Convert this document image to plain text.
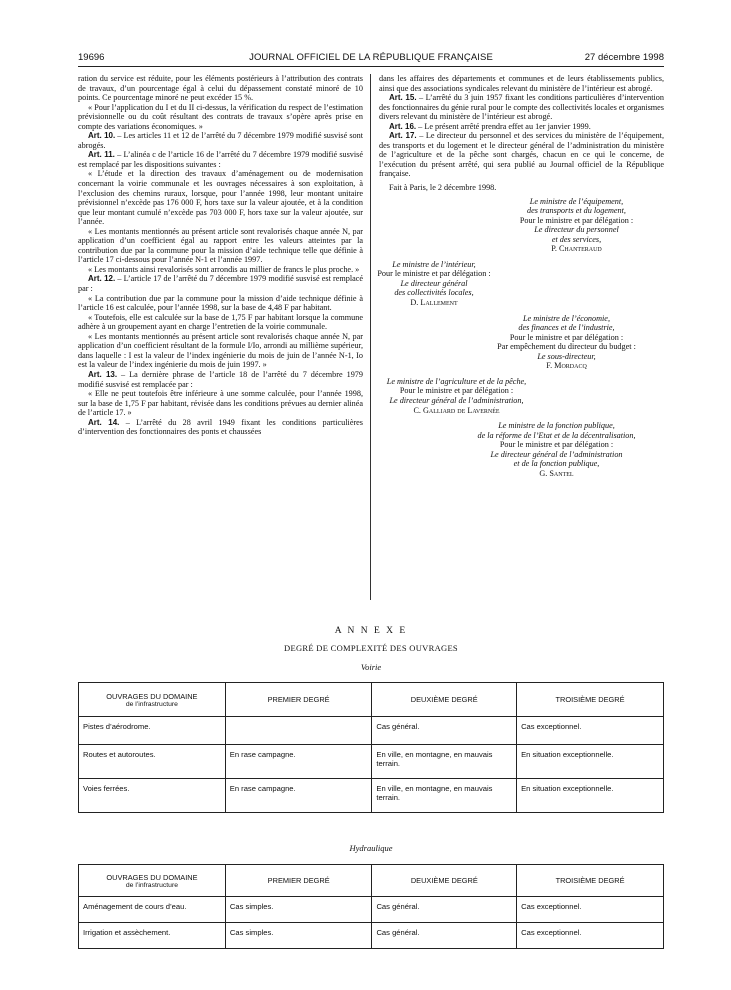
19696	JOURNAL OFFICIEL DE LA RÉPUBLIQUE FRANÇAISE	27 décembre 1998

ration du service est réduite, pour les éléments postérieurs à l’attribution des contrats de travaux, d’un pourcentage égal à celui du dépassement constaté minoré de 10 points. Ce pourcentage minoré ne peut excéder 15 %.

« Pour l’application du I et du II ci-dessus, la vérification du respect de l’estimation prévisionnelle ou du coût résultant des contrats de travaux s’opère après prise en compte des variations économiques. »

Art. 10. – Les articles 11 et 12 de l’arrêté du 7 décembre 1979 modifié susvisé sont abrogés.

Art. 11. – L’alinéa c de l’article 16 de l’arrêté du 7 décembre 1979 modifié susvisé est remplacé par les dispositions suivantes :

« L’étude et la direction des travaux d’aménagement ou de modernisation concernant la voirie communale et les ouvrages nécessaires à son exploitation, à l’exclusion des chemins ruraux, lorsque, pour l’année 1998, leur montant unitaire prévisionnel n’excède pas 176 000 F, hors taxe sur la valeur ajoutée, et à la condition que leur montant cumulé n’excède pas 703 000 F, hors taxe sur la valeur ajoutée, sur l’année.

« Les montants mentionnés au présent article sont revalorisés chaque année N, par application d’un coefficient égal au rapport entre les valeurs atteintes par la contribution due par la commune pour la mission d’aide technique telle que définie à l’article 17 ci-dessous pour l’année N-1 et l’année 1997.

« Les montants ainsi revalorisés sont arrondis au millier de francs le plus proche. »

Art. 12. – L’article 17 de l’arrêté du 7 décembre 1979 modifié susvisé est remplacé par :

« La contribution due par la commune pour la mission d’aide technique définie à l’article 16 est calculée, pour l’année 1998, sur la base de 4,48 F par habitant.

« Toutefois, elle est calculée sur la base de 1,75 F par habitant lorsque la commune adhère à un groupement ayant en charge l’entretien de la voirie communale.

« Les montants mentionnés au présent article sont revalorisés chaque année N, par application d’un coefficient résultant de la formule I/Io, arrondi au millième supérieur, dans laquelle : I est la valeur de l’index ingénierie du mois de juin de l’année N-1, Io est la valeur de l’index ingénierie du mois de juin 1997. »

Art. 13. – La dernière phrase de l’article 18 de l’arrêté du 7 décembre 1979 modifié susvisé est remplacée par :

« Elle ne peut toutefois être inférieure à une somme calculée, pour l’année 1998, sur la base de 1,75 F par habitant, révisée dans les conditions prévues au dernier alinéa de l’article 17. »

Art. 14. – L’arrêté du 28 avril 1949 fixant les conditions particulières d’intervention des fonctionnaires des ponts et chaussées

dans les affaires des départements et communes et de leurs établissements publics, ainsi que des associations syndicales relevant du ministère de l’intérieur est abrogé.

Art. 15. – L’arrêté du 3 juin 1957 fixant les conditions particulières d’intervention des fonctionnaires du génie rural pour le compte des collectivités locales et organismes divers relevant du ministère de l’intérieur est abrogé.

Art. 16. – Le présent arrêté prendra effet au 1er janvier 1999.

Art. 17. – Le directeur du personnel et des services du ministère de l’équipement, des transports et du logement et le directeur général de l’administration du ministère de l’agriculture et de la pêche sont chargés, chacun en ce qui le concerne, de l’exécution du présent arrêté, qui sera publié au Journal officiel de la République française.

Fait à Paris, le 2 décembre 1998.

Le ministre de l’équipement,
des transports et du logement,
Pour le ministre et par délégation :
Le directeur du personnel
et des services,
P. Chanteraud
Le ministre de l’intérieur,
Pour le ministre et par délégation :
Le directeur général
des collectivités locales,
D. Lallement
Le ministre de l’économie,
des finances et de l’industrie,
Pour le ministre et par délégation :
Par empêchement du directeur du budget :
Le sous-directeur,
F. Mordacq
Le ministre de l’agriculture et de la pêche,
Pour le ministre et par délégation :
Le directeur général de l’administration,
C. Galliard de Lavernée
Le ministre de la fonction publique,
de la réforme de l’Etat et de la décentralisation,
Pour le ministre et par délégation :
Le directeur général de l’administration
et de la fonction publique,
G. Santel
A N N E X E
DEGRÉ DE COMPLEXITÉ DES OUVRAGES
Voirie
OUVRAGES DU DOMAINE
de l’infrastructure	PREMIER DEGRÉ	DEUXIÈME DEGRÉ	TROISIÈME DEGRÉ
Pistes d’aérodrome.		Cas général.	Cas exceptionnel.
Routes et autoroutes.	En rase campagne.	En ville, en montagne, en mauvais terrain.	En situation exceptionnelle.
Voies ferrées.	En rase campagne.	En ville, en montagne, en mauvais terrain.	En situation exceptionnelle.
Hydraulique
OUVRAGES DU DOMAINE
de l’infrastructure	PREMIER DEGRÉ	DEUXIÈME DEGRÉ	TROISIÈME DEGRÉ
Aménagement de cours d’eau.	Cas simples.	Cas général.	Cas exceptionnel.
Irrigation et assèchement.	Cas simples.	Cas général.	Cas exceptionnel.
